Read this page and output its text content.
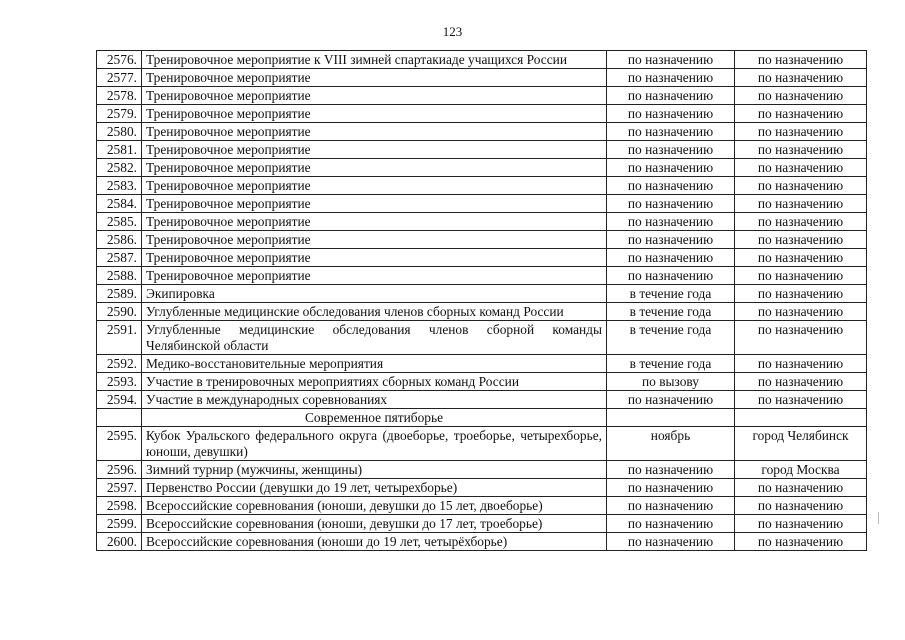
123
2576.	Тренировочное мероприятие к VIII зимней спартакиаде учащихся России	по назначению	по назначению
2577.	Тренировочное мероприятие	по назначению	по назначению
2578.	Тренировочное мероприятие	по назначению	по назначению
2579.	Тренировочное мероприятие	по назначению	по назначению
2580.	Тренировочное мероприятие	по назначению	по назначению
2581.	Тренировочное мероприятие	по назначению	по назначению
2582.	Тренировочное мероприятие	по назначению	по назначению
2583.	Тренировочное мероприятие	по назначению	по назначению
2584.	Тренировочное мероприятие	по назначению	по назначению
2585.	Тренировочное мероприятие	по назначению	по назначению
2586.	Тренировочное мероприятие	по назначению	по назначению
2587.	Тренировочное мероприятие	по назначению	по назначению
2588.	Тренировочное мероприятие	по назначению	по назначению
2589.	Экипировка	в течение года	по назначению
2590.	Углубленные медицинские обследования членов сборных команд России	в течение года	по назначению
2591.	Углубленные медицинские обследования членов сборной команды Челябинской области	в течение года	по назначению
2592.	Медико-восстановительные мероприятия	в течение года	по назначению
2593.	Участие в тренировочных мероприятиях сборных команд России	по вызову	по назначению
2594.	Участие в международных соревнованиях	по назначению	по назначению
	Современное пятиборье		
2595.	Кубок Уральского федерального округа (двоеборье, троеборье, четырехборье, юноши, девушки)	ноябрь	город Челябинск
2596.	Зимний турнир (мужчины, женщины)	по назначению	город Москва
2597.	Первенство России (девушки до 19 лет, четырехборье)	по назначению	по назначению
2598.	Всероссийские соревнования (юноши, девушки до 15 лет, двоеборье)	по назначению	по назначению
2599.	Всероссийские соревнования (юноши, девушки до 17 лет, троеборье)	по назначению	по назначению
2600.	Всероссийские соревнования (юноши до 19 лет, четырёхборье)	по назначению	по назначению
